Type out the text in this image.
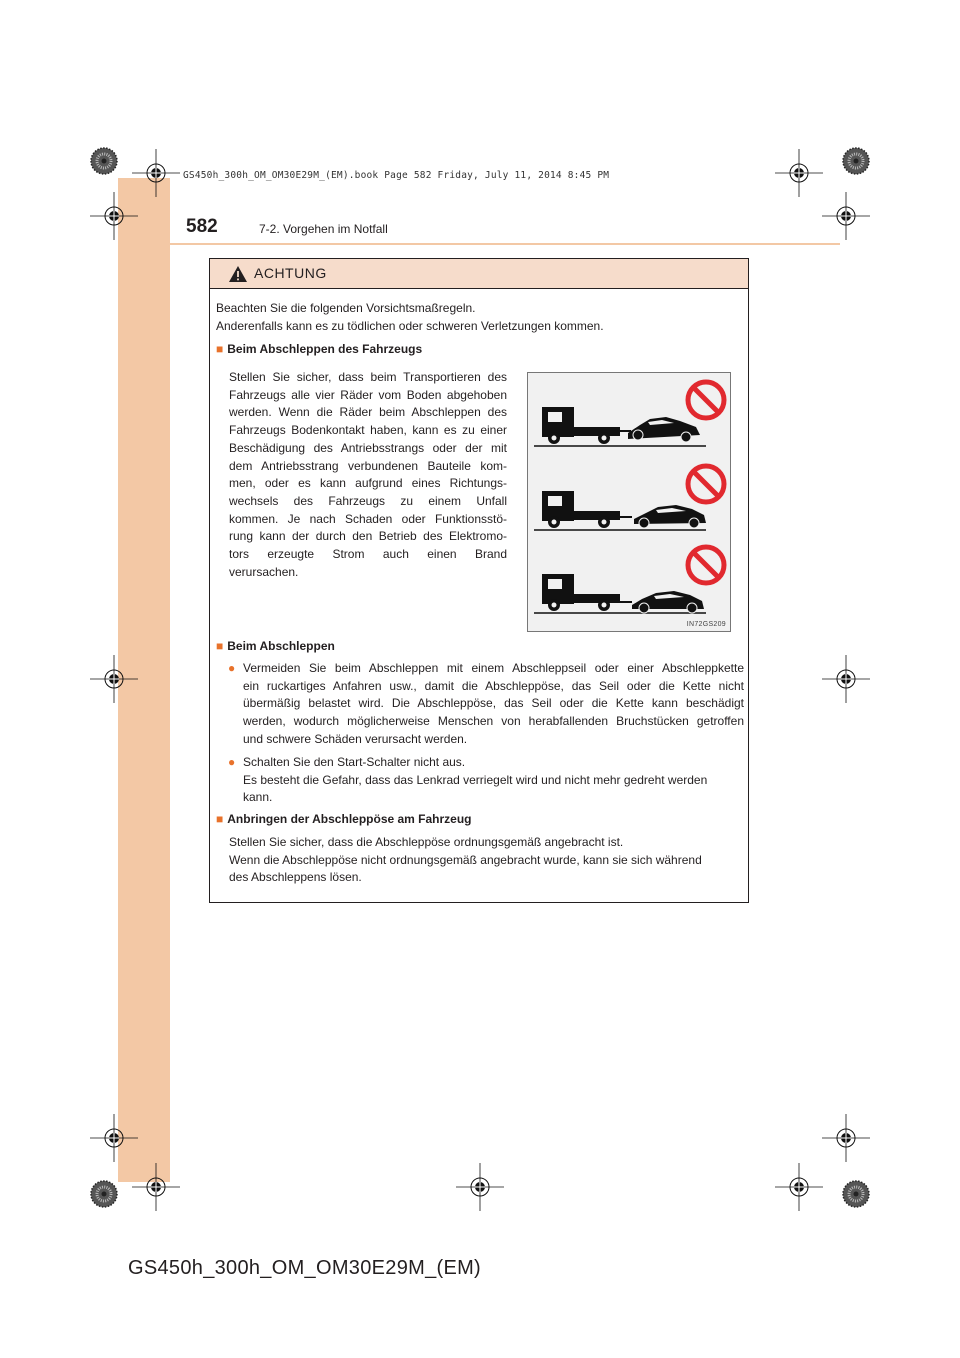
GS450h_300h_OM_OM30E29M_(EM).book Page 582 Friday, July 11, 2014 8:45 PM
582	7-2. Vorgehen im Notfall
ACHTUNG
Beachten Sie die folgenden Vorsichtsmaßregeln.
Anderenfalls kann es zu tödlichen oder schweren Verletzungen kommen.
■ Beim Abschleppen des Fahrzeugs
Stellen Sie sicher, dass beim Transportieren des
Fahrzeugs alle vier Räder vom Boden abgehoben
werden. Wenn die Räder beim Abschleppen des
Fahrzeugs Bodenkontakt haben, kann es zu einer
Beschädigung des Antriebsstrangs oder der mit
dem Antriebsstrang verbundenen Bauteile kom-
men, oder es kann aufgrund eines Richtungs-
wechsels des Fahrzeugs zu einem Unfall
kommen. Je nach Schaden oder Funktionsstö-
rung kann der durch den Betrieb des Elektromo-
tors erzeugte Strom auch einen Brand
verursachen.
IN72GS209
■ Beim Abschleppen
● Vermeiden Sie beim Abschleppen mit einem Abschleppseil oder einer Abschleppkette
ein ruckartiges Anfahren usw., damit die Abschleppöse, das Seil oder die Kette nicht
übermäßig belastet wird. Die Abschleppöse, das Seil oder die Kette kann beschädigt
werden, wodurch möglicherweise Menschen von herabfallenden Bruchstücken getroffen
und schwere Schäden verursacht werden.
● Schalten Sie den Start-Schalter nicht aus.
Es besteht die Gefahr, dass das Lenkrad verriegelt wird und nicht mehr gedreht werden
kann.
■ Anbringen der Abschleppöse am Fahrzeug
Stellen Sie sicher, dass die Abschleppöse ordnungsgemäß angebracht ist.
Wenn die Abschleppöse nicht ordnungsgemäß angebracht wurde, kann sie sich während
des Abschleppens lösen.
GS450h_300h_OM_OM30E29M_(EM)
